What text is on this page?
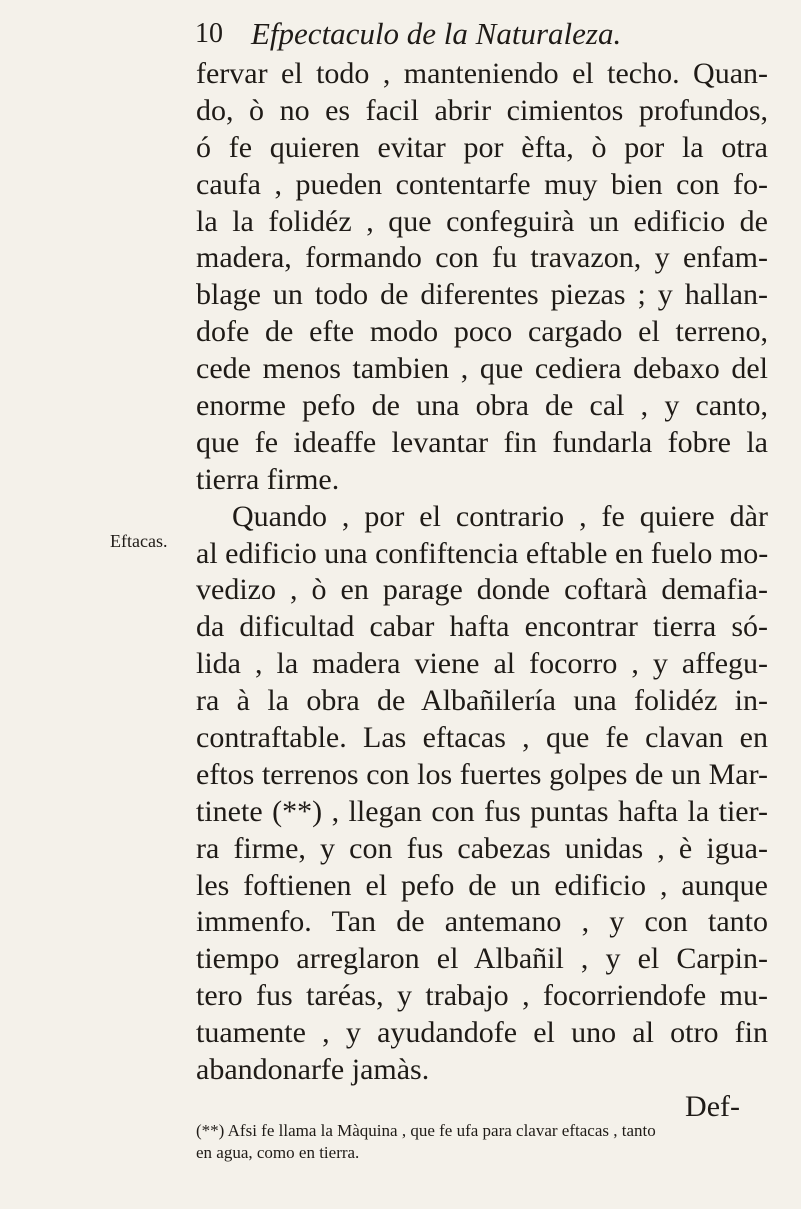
10 Efpectaculo de la Naturaleza.
Eftacas.
fervar el todo , manteniendo el techo. Quan-
do, ò no es facil abrir cimientos profundos,
ó fe quieren evitar por èfta, ò por la otra
caufa , pueden contentarfe muy bien con fo-
la la folidéz , que confeguirà un edificio de
madera, formando con fu travazon, y enfam-
blage un todo de diferentes piezas ; y hallan-
dofe de efte modo poco cargado el terreno,
cede menos tambien , que cediera debaxo del
enorme pefo de una obra de cal , y canto,
que fe ideaffe levantar fin fundarla fobre la
tierra firme.
Quando , por el contrario , fe quiere dàr
al edificio una confiftencia eftable en fuelo mo-
vedizo , ò en parage donde coftarà demafia-
da dificultad cabar hafta encontrar tierra só-
lida , la madera viene al focorro , y affegu-
ra à la obra de Albañilería una folidéz in-
contraftable. Las eftacas , que fe clavan en
eftos terrenos con los fuertes golpes de un Mar-
tinete (**) , llegan con fus puntas hafta la tier-
ra firme, y con fus cabezas unidas , è igua-
les foftienen el pefo de un edificio , aunque
immenfo. Tan de antemano , y con tanto
tiempo arreglaron el Albañil , y el Carpin-
tero fus taréas, y trabajo , focorriendofe mu-
tuamente , y ayudandofe el uno al otro fin
abandonarfe jamàs.
Def-
(**) Afsi fe llama la Màquina , que fe ufa para clavar eftacas , tanto
en agua, como en tierra.
